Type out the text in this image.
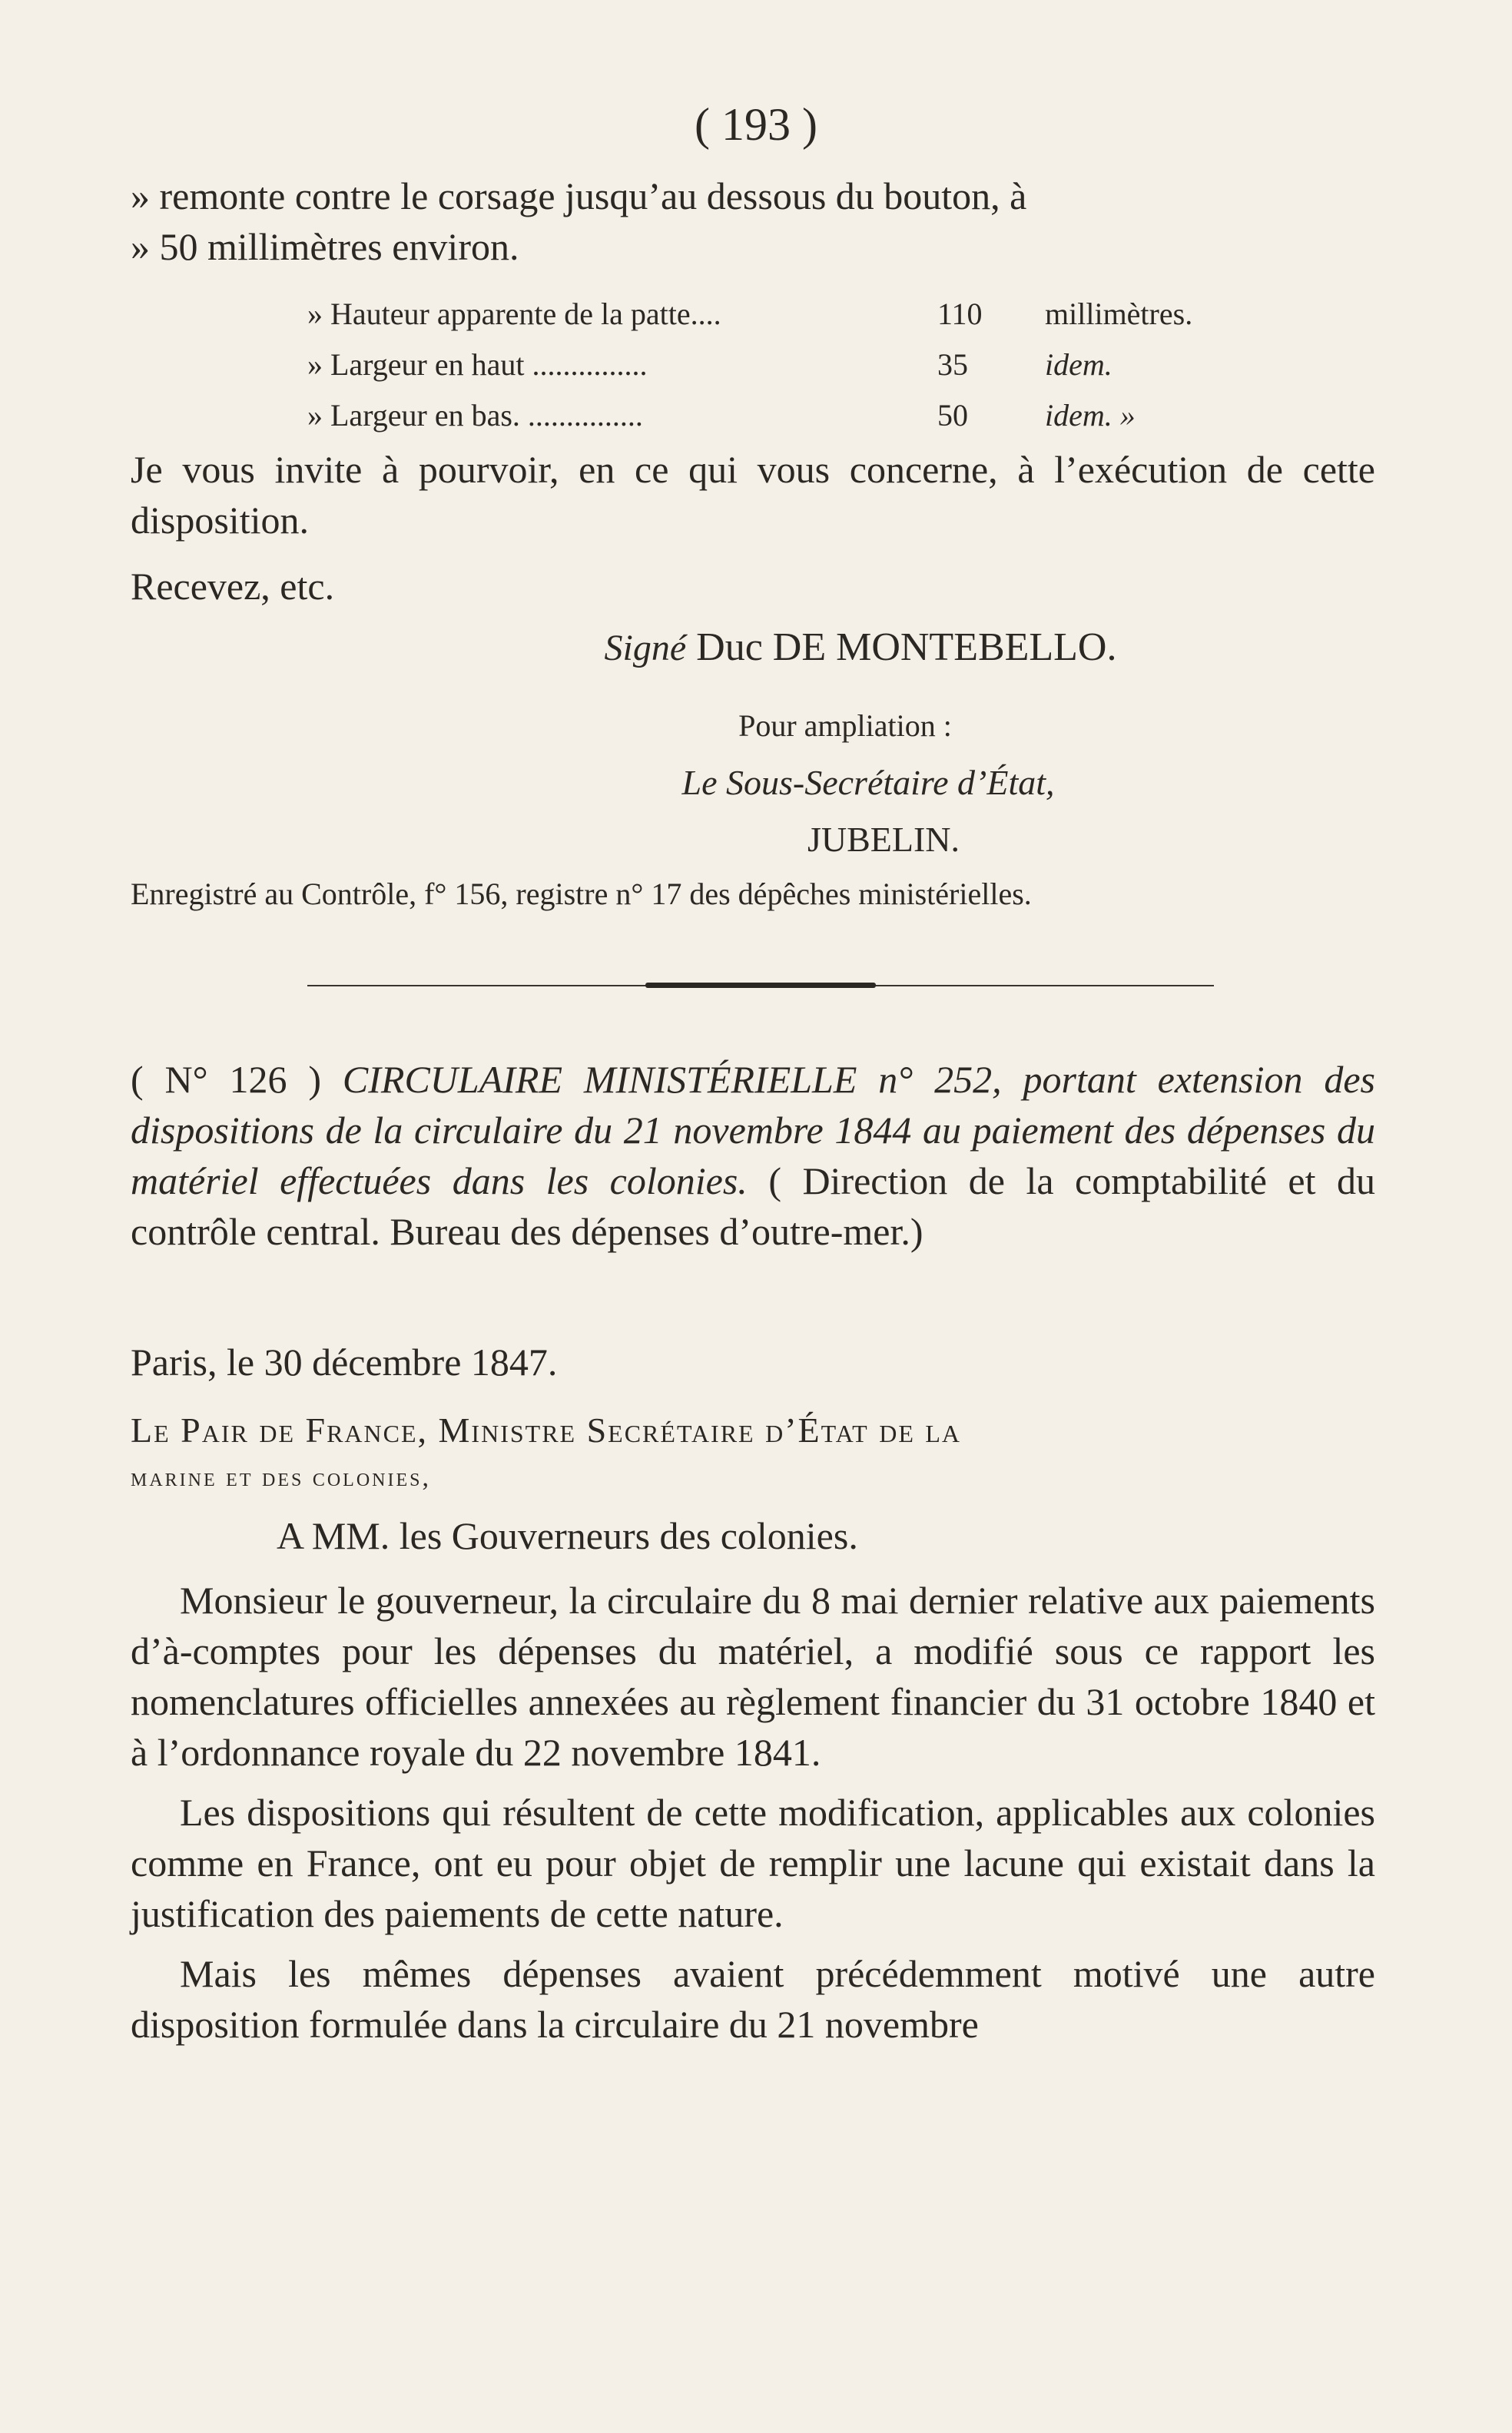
( 193 )

» remonte contre le corsage jusqu’au dessous du bouton, à

» 50 millimètres environ.

» Hauteur apparente de la patte....	110	millimètres.
» Largeur en haut ...............	35	idem.
» Largeur en bas. ...............	50	idem. »

Je vous invite à pourvoir, en ce qui vous concerne, à l’exécution de cette disposition.

Recevez, etc.

Signé Duc DE MONTEBELLO.
Pour ampliation :
Le Sous-Secrétaire d’État,
JUBELIN.
Enregistré au Contrôle, f° 156, registre n° 17 des dépêches ministérielles.

( N° 126 ) CIRCULAIRE MINISTÉRIELLE n° 252, portant extension des dispositions de la circulaire du 21 novembre 1844 au paiement des dépenses du matériel effectuées dans les colonies. ( Direction de la comptabilité et du contrôle central. Bureau des dépenses d’outre-mer.)

Paris, le 30 décembre 1847.

Le Pair de France, Ministre Secrétaire d’État de la
marine et des colonies,

A MM. les Gouverneurs des colonies.

Monsieur le gouverneur, la circulaire du 8 mai dernier relative aux paiements d’à-comptes pour les dépenses du matériel, a modifié sous ce rapport les nomenclatures officielles annexées au règlement financier du 31 octobre 1840 et à l’ordonnance royale du 22 novembre 1841.

Les dispositions qui résultent de cette modification, applicables aux colonies comme en France, ont eu pour objet de remplir une lacune qui existait dans la justification des paiements de cette nature.

Mais les mêmes dépenses avaient précédemment motivé une autre disposition formulée dans la circulaire du 21 novembre
